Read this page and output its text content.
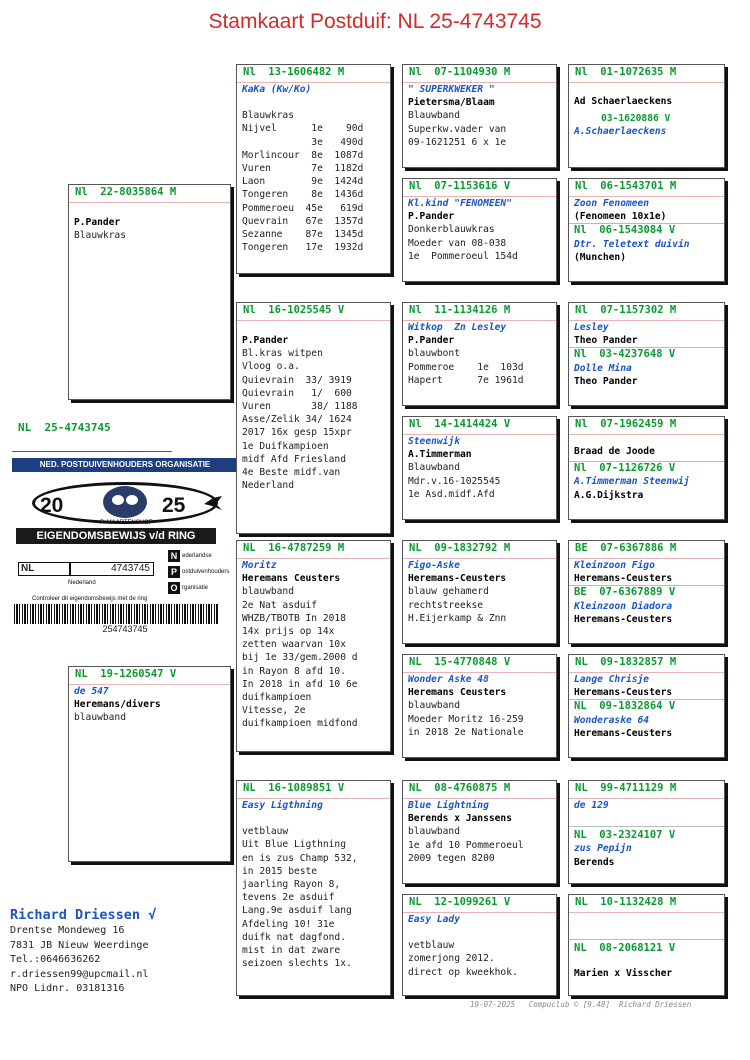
Stamkaart Postduif: NL 25-4743745
NL  25-4743745
NED. POSTDUIVENHOUDERS ORGANISATIE
20	25
P. MAARTENSHOF
EIGENDOMSBEWIJS v/d RING
NL	4743745
Nederland
N
P
O
ederlandse
ostduivenhouders
rganisatie
Controleer dit eigendomsbewijs met de ring
254743745
Nl  22-8035864 M
P.Pander
Blauwkras
NL  19-1260547 V
de 547
Heremans/divers
blauwband
Nl  13-1606482 M
KaKa (Kw/Ko)
Blauwkras
Nijvel      1e    90d
3e   490d
Morlincour  8e  1087d
Vuren       7e  1182d
Laon        9e  1424d
Tongeren    8e  1436d
Pommeroeu  45e   619d
Quevrain   67e  1357d
Sezanne    87e  1345d
Tongeren   17e  1932d
Nl  16-1025545 V
P.Pander
Bl.kras witpen
Vloog o.a.
Quievrain  33/ 3919
Quievrain   1/  600
Vuren       38/ 1188
Asse/Zelik 34/ 1624
2017 16x gesp 15xpr
1e Duifkampioen
midf Afd Friesland
4e Beste midf.van
Nederland
NL  16-4787259 M
Moritz
Heremans Ceusters
blauwband
2e Nat asduif
WHZB/TBOTB In 2018
14x prijs op 14x
zetten waarvan 10x
bij 1e 33/gem.2000 d
in Rayon 8 afd 10.
In 2018 in afd 10 6e
duifkampioen
Vitesse, 2e
duifkampioen midfond
NL  16-1089851 V
Easy Ligthning
vetblauw
Uit Blue Ligthning
en is zus Champ 532,
in 2015 beste
jaarling Rayon 8,
tevens 2e asduif
Lang.9e asduif lang
Afdeling 10! 31e
duifk nat dagfond.
mist in dat zware
seizoen slechts 1x.
Nl  07-1104930 M
" SUPERKWEKER "
Pietersma/Blaam
Blauwband
Superkw.vader van
09-1621251 6 x 1e
Nl  07-1153616 V
Kl.kind "FENOMEEN"
P.Pander
Donkerblauwkras
Moeder van 08-038
1e  Pommeroeul 154d
Nl  11-1134126 M
Witkop  Zn Lesley
P.Pander
blauwbont
Pommeroe    1e  103d
Hapert      7e 1961d
Nl  14-1414424 V
Steenwijk
A.Timmerman
Blauwband
Mdr.v.16-1025545
1e Asd.midf.Afd
NL  09-1832792 M
Figo-Aske
Heremans-Ceusters
blauw gehamerd
rechtstreekse
H.Eijerkamp & Znn
NL  15-4770848 V
Wonder Aske 48
Heremans Ceusters
blauwband
Moeder Moritz 16-259
in 2018 2e Nationale
NL  08-4760875 M
Blue Lightning
Berends x Janssens
blauwband
1e afd 10 Pommeroeul
2009 tegen 8200
NL  12-1099261 V
Easy Lady
vetblauw
zomerjong 2012.
direct op kweekhok.
Nl  01-1072635 M
Ad Schaerlaeckens
03-1620886 V
A.Schaerlaeckens
Nl  06-1543701 M
Zoon Fenomeen
(Fenomeen 10x1e)
Nl  06-1543084 V
Dtr. Teletext duivin
(Munchen)
Nl  07-1157302 M
Lesley
Theo Pander
Nl  03-4237648 V
Dolle Mina
Theo Pander
Nl  07-1962459 M
Braad de Joode
Nl  07-1126726 V
A.Timmerman Steenwij
A.G.Dijkstra
BE  07-6367886 M
Kleinzoon Figo
Heremans-Ceusters
BE  07-6367889 V
Kleinzoon Diadora
Heremans-Ceusters
NL  09-1832857 M
Lange Chrisje
Heremans-Ceusters
NL  09-1832864 V
Wonderaske 64
Heremans-Ceusters
NL  99-4711129 M
de 129
NL  03-2324107 V
zus Pepijn
Berends
NL  10-1132428 M
NL  08-2068121 V
Marien x Visscher
Richard Driessen √
Drentse Mondeweg 16
7831 JB Nieuw Weerdinge
Tel.:0646636262
r.driessen99@upcmail.nl
NPO Lidnr. 03181316
19-07-2025   Compuclub © [9.48]  Richard Driessen
